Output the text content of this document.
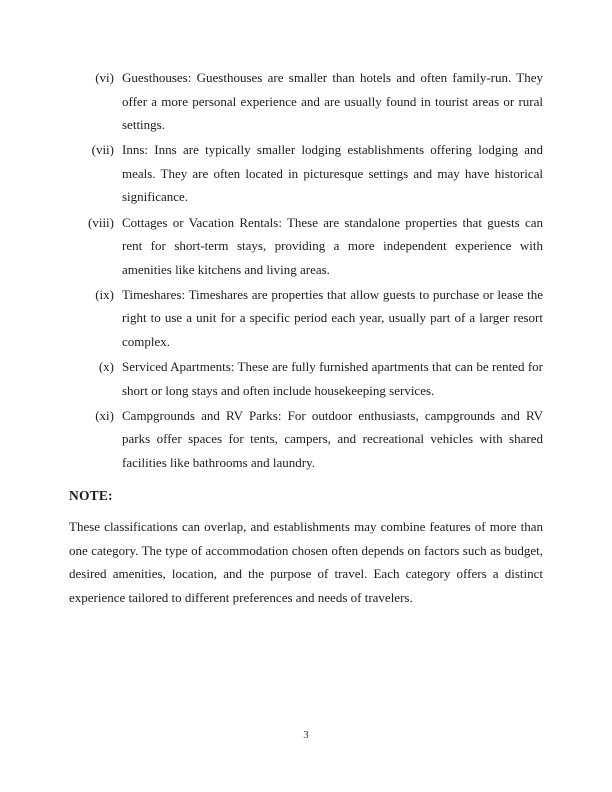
(vi) Guesthouses: Guesthouses are smaller than hotels and often family-run. They offer a more personal experience and are usually found in tourist areas or rural settings.
(vii) Inns: Inns are typically smaller lodging establishments offering lodging and meals. They are often located in picturesque settings and may have historical significance.
(viii) Cottages or Vacation Rentals: These are standalone properties that guests can rent for short-term stays, providing a more independent experience with amenities like kitchens and living areas.
(ix) Timeshares: Timeshares are properties that allow guests to purchase or lease the right to use a unit for a specific period each year, usually part of a larger resort complex.
(x) Serviced Apartments: These are fully furnished apartments that can be rented for short or long stays and often include housekeeping services.
(xi) Campgrounds and RV Parks: For outdoor enthusiasts, campgrounds and RV parks offer spaces for tents, campers, and recreational vehicles with shared facilities like bathrooms and laundry.

NOTE:

These classifications can overlap, and establishments may combine features of more than one category. The type of accommodation chosen often depends on factors such as budget, desired amenities, location, and the purpose of travel. Each category offers a distinct experience tailored to different preferences and needs of travelers.

3
